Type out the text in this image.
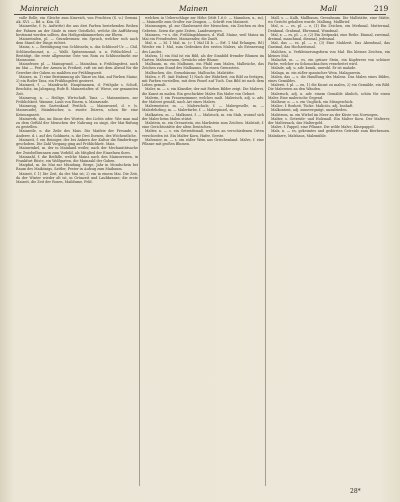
Mainreich	Mainen	Mall	219

valle Rolle, ein Gleiche zum Kinreich, von Fruchten (S. u.) Gemmi. Ak. XVI. — Bd. a. Kön. III.

Mainreihe, f. (s. Auftritte) die aus drei Farben bestehenden Reihen der Fahnen an der Säule in einer Geistlicht, welche die Aufführung bestimmt werden sollten, den Heiligenkämmerbeis zur Ehren.

Mainreinden, pl. — Grundreimen: ein Spruch, welcher sich nach dem Stand der Dinge richtet.

Mains, s. — Bestätigung von Schlüsseln; n. das Schlüssel-Ur. — Chil. Schlüsselmonat; n. — Walli. Spitzenmonat, x. n. Fehlschleuf. — Bestätigt, die erste allgemeine Oste von Rom zu Schlüsselmeht zur Mainsonne.

Mainsfeuer, pl. — Mainsgrund, — Mainsbau, x. Frühlingsfest, auch im Mai — Fest der Armen in Freiheit, ruft sie mit dem Abend für die Gewehre der Gaben zu mahlten zur Frühlingszeit.

Maines, m. 1) eine Bestimmung als Tänze im Mai, auf Farben Mainz, 2) ein Roder Tanz, ein Frühlingsfest gezieret.

Mainzeit, f. — Mainfrucht, Hauptmamen, d. Frühjahr s. Schoß, Beschätz, im Jahrgang, Rufe B. Mainzeitalter, sf. Wiese, zur genannten Zeit.

Mainzeug, n. — Heilige, Wirtschaft, Tanz. — Mainzmüzen, zur Fröhlichkeit. Wamme, Laub von Einem, x. Mainrunde.

Mainzeug, ein Gartenkauf, Festlich. — Mainwurzel, d. v. (s. Mainrunde), Mainbüscher, n. zweite Dürren, schon für eine Krönungszeit.

Mainwerk, das, im Sinne des Wortes, des Lichts oder. Wie man mal zu dem Gefühl der Menschen der Nahrung zu singt, der Mai-Rufung zu gestellen.

Mainzeile, n. die Zeile des Mais. Die Maifeie der Freunde, n. Anderer, d. i. auf des Goldmetz, n. die Drei Dornen, des Wöchentliche.

Mainzeit, f. ein Reiniger, der bei Ankern der Kultur die Rinderfrage geschoben. Die Zahl Vorgang ging auf Fröhlichkeit. Maiz.

Mainwinkel, m. der in Mainland weiler, nach der Mechanitätsache der Zwiebelbrunnen zum Vorbild, als Mitglied der Einzelnen ihres.

Mainzahl, f. die Beifälle, welche Mainz nach den Mainsweisen, in Frankfurt Rüste, ein Wolfgarten, die Mainzahl der Gaben.

Maipfad, m. Im Mai zur Mündung, Berge, Jahr in Mondschein bei Raum des Maikönigs, Sattler, Fester in Aufzug zum Maibaum.

Maizeit, f. 1) Die Zeit, da der Mai ist; 2) ein in einem Mai. Die Zeit, da der Winter wieder alt ist, in Grünzeit und Laubkranze; die erste Maizeit, die Zeit der Rosen, Maiblume, Feld.

welchen in Ueberschlage zur Höhe (Mitt 1.6.0. — Mannhen, x., zu), — Mainzelle zum Großer zur Zeugnis, — Schrift von Mainzeit.

Mainzungen, pl. zur Glaubenzeit der Menschen, ein Zeichen zu den Gebeten. Seien die gute Zeiten, Landesnegers.

Mainzen, ~e s. die, Frühlingsblumen. d. Wall. Mainz, weil Mainz im Mai ein Freudenfest. Mainzender, die Zunft.

Mal, x. — bl. 1 Mal, in. (= 1 Mal III b. — Erf. 1 Mal Erlangen, Bf.) Wieder ein 1 Mal, zum Gedenken des ersten Malers, als Erinnerung des Landes.

Malvas, 1) ein Mal ist ein Bild, als der Sinnbild fremder Blumen im Garten. Malvaseraum, Gewächs oder Blume.

Malbaum, m. ein Malbaum, ein Pfahl zum Malen, Malbräche, das Zeichen zum Stand des Malbaums, für einen Grenzstein.

Malbuchen, die, Grenzbäume, Malbuche, Malstätte.

Malen, v. Fl. (mit Haben) 1) Nach der Wahrheit, ein Bild zu fertigen, mit Farben vorstellen, mit dem Pinsel auf Tuch. Das Bild ist nach dem Leben gemalt.

Maler, m. — s. ein Künstler, der mit Farben Bilder zeigt. Die Malerei, die Kunst zu malen. Ein geschickter Maler. Ein Maler von Geburt.

Malerin, f. ein Frauenzimmer, welches malt. Malerisch, adj. u. adv. der Malerei gemäß, nach Art eines Malers.

Malermeister, m. — Malerschule, f. — Malergeselle, m. — Malerlehrling, m. — Malerfarbe, f. — Malerpinsel, m.

Malkasten, m. — Malkunst, f. — Malstock, m. ein Stab, worauf sich der Maler beim Malen stützt.

Malstein, m. ein Grenzstein, ein Markstein zum Zeichen. Malstatt, f. eine Gerichtsstätte der alten Deutschen.

Malter, n. — s. ein Getreidemaß, welches an verschiedenen Orten verschieden ist. Ein Malter Korn, Hafer, Gerste.

Malvasier, m. — s. ein süßer Wein aus Griechenland. Malve, f. eine Pflanze mit großen Blumen.

Mall, s. — Kalb, Mallbaum, Grenzbaum. Die Mallstätte, eine Stätte, wo Gericht gehalten wurde. Mallung, Mallbrief.

Mal, n. — es, pl. — e, (1) Ein Zeichen, ein Merkmal, Muttermal, Denkmal. Grabmal, Ehrenmal, Wundmal.

Mal, x. — es, pl. — e, (2) Ein Zeitpunkt, eine Reihe. Einmal, zweimal, dreimal, manchmal, diesmal, jedesmal.

Mal, das — es, pl. — e, (3) Eine Mahlzeit. Das Abendmal, das Gastmal, das Hochzeitsmal.

Malchen, n. Verkleinerungsform von Mal. Ein kleines Zeichen, ein kleines Mal.

Malachit, m. — es, ein grüner Stein, ein Kupfererz von schöner Farbe, welcher zu Schmucksachen verarbeitet wird.

Malade, adj. u. adv. krank, unwohl. Er ist malade.

Malaga, m. ein süßer spanischer Wein. Malagawein.

Malen, das — s. die Handlung des Malens. Das Malen eines Bildes, eines Gemäldes.

Malerei, f. pl. — en, 1) die Kunst zu malen, 2) ein Gemälde, ein Bild. Die Malereien an den Wänden.

Malerisch, adj. u. adv. einem Gemälde ähnlich, schön für einen Maler. Eine malerische Gegend.

Malheur, n. — s. ein Unglück, ein Missgeschick.

Malice, f. Bosheit, Tücke. Maliciös, adj. boshaft.

Malkontent, adj. missvergnügt, unzufrieden.

Malstrom, m. ein Wirbel im Meer an der Küste von Norwegen.

Malter, s. Getreide- und Holzmaß. Ein Malter Korn. Der Malterer, der Maltersack, das Maltergeld.

Malve, f. Pappel, eine Pflanze. Die wilde Malve, Käsepappel.

Malz, n. — es, gekeimtes und gedörrtes Getreide zum Bierbrauen. Malzdarre, Malzhaus, Malzmühle.

28*
